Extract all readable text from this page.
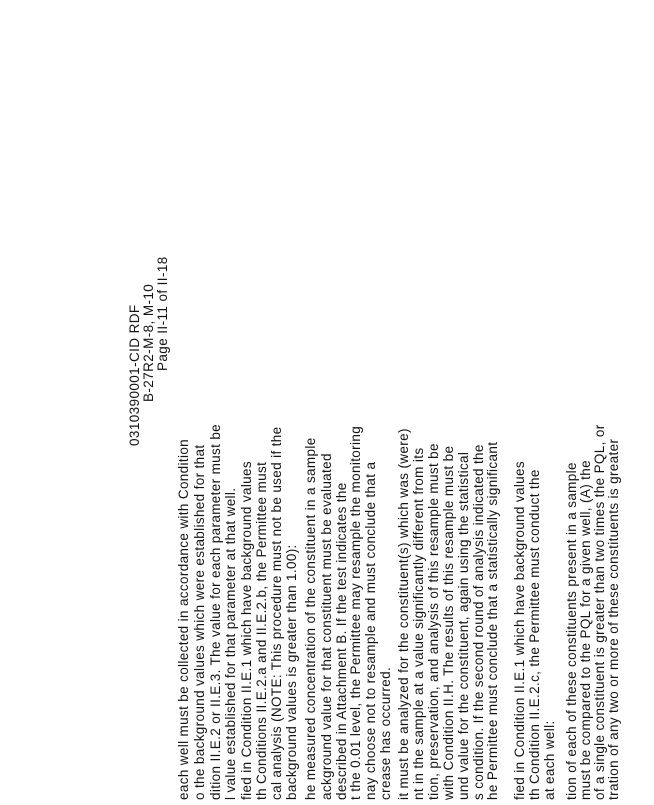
0310390001-CID RDF B-27R2-M-8, M-10 Page II-11 of II-18
each well must be collected in accordance with Condition o the background values which were established for that dition II.E.2 or II.E.3. The value for each parameter must be l value established for that parameter at that well. fied in Condition II.E.1 which have background values th Conditions II.E.2.a and II.E.2.b, the Permittee must cal analysis (NOTE: This procedure must not be used if the background values is greater than 1.00): he measured concentration of the constituent in a sample ackground value for that constituent must be evaluated described in Attachment B. If the test indicates the t the 0.01 level, the Permittee may resample the monitoring nay choose not to resample and must conclude that a crease has occurred. it must be analyzed for the constituent(s) which was (were) nt in the sample at a value significantly different from its tion, preservation, and analysis of this resample must be with Condition II.H. The results of this resample must be und value for the constituent, again using the statistical s condition. If the second round of analysis indicated the he Permittee must conclude that a statistically significant fied in Condition II.E.1 which have background values th Condition II.E.2.c, the Permittee must conduct the at each well: tion of each of these constituents present in a sample must be compared to the PQL for a given well, (A) the of a single constituent is greater than two times the PQL, or tration of any two or more of these constituents is greater
